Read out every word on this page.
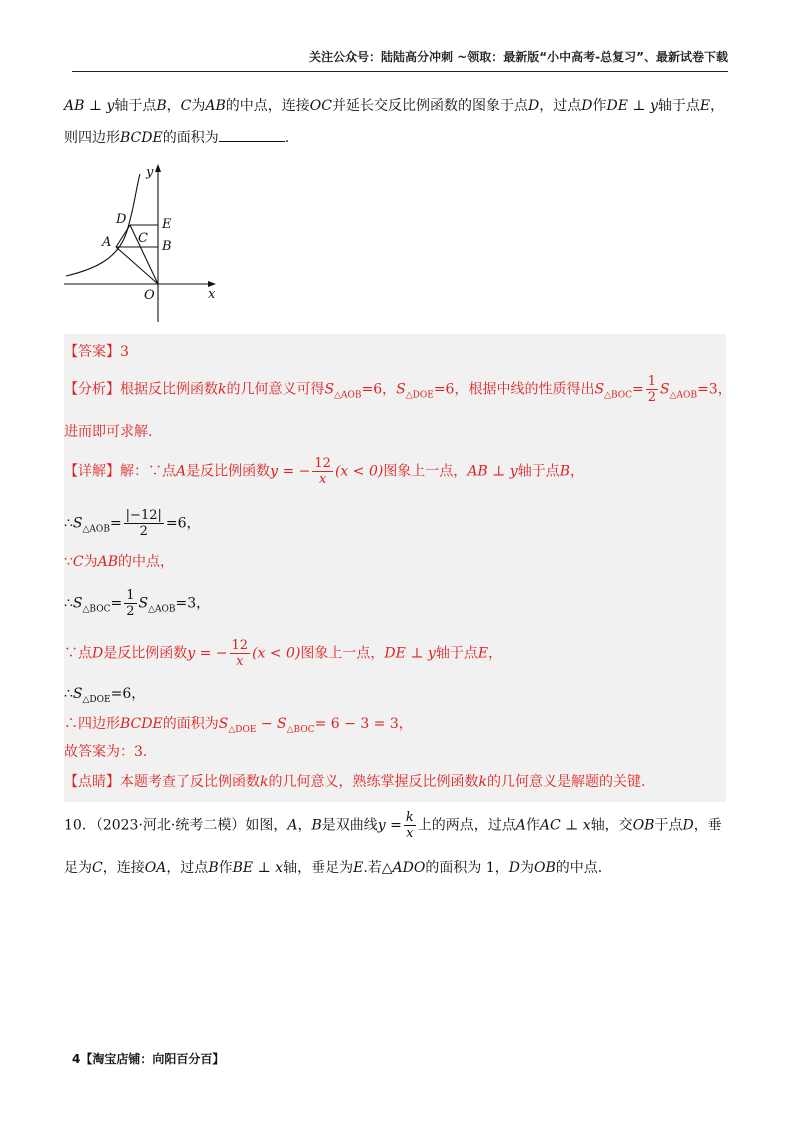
关注公众号：陆陆高分冲刺 ~领取：最新版“小中高考-总复习”、最新试卷下载
AB ⊥ y轴于点B，C为AB的中点，连接OC并延长交反比例函数的图象于点D，过点D作DE ⊥ y轴于点E，
则四边形BCDE的面积为	.
y
x
O
D	E
A C
B
【答案】3
【分析】根据反比例函数k的几何意义可得$S_{\triangle AOB}=6$，$S_{\triangle DOE}=6$，根据中线的性质得出$S_{\triangle BOC}= \frac{1}{2} S_{\triangle AOB}=3$，
进而即可求解.
【详解】解：∵点A是反比例函数y = − $\frac{12}{x} (x < 0)$图象上一点，AB ⊥ y轴于点B，
$\therefore S_{\triangle AOB}= \frac{|-12|}{2} =6$，
∵C为AB的中点，
$\therefore S_{\triangle BOC}= \frac{1}{2} S_{\triangle AOB}=3$，
∵点D是反比例函数y = − $\frac{12}{x} (x < 0)$图象上一点，DE ⊥ y轴于点E，
$\therefore S_{\triangle DOE}=6$，
∴四边形BCDE的面积为$S_{\triangle DOE} - S_{\triangle BOC}= 6 - 3 = 3$，
故答案为：3.
【点睛】本题考查了反比例函数k的几何意义，熟练掌握反比例函数k的几何意义是解题的关键.
10．（2023·河北·统考二模）如图，A，B是双曲线$y = \frac{k}{x}$ 上的两点，过点A作AC ⊥ x轴，交OB于点D，垂
足为C，连接OA，过点B作BE ⊥ x轴，垂足为E.若△ADO的面积为 1，D为OB的中点.
4【淘宝店铺：向阳百分百】
